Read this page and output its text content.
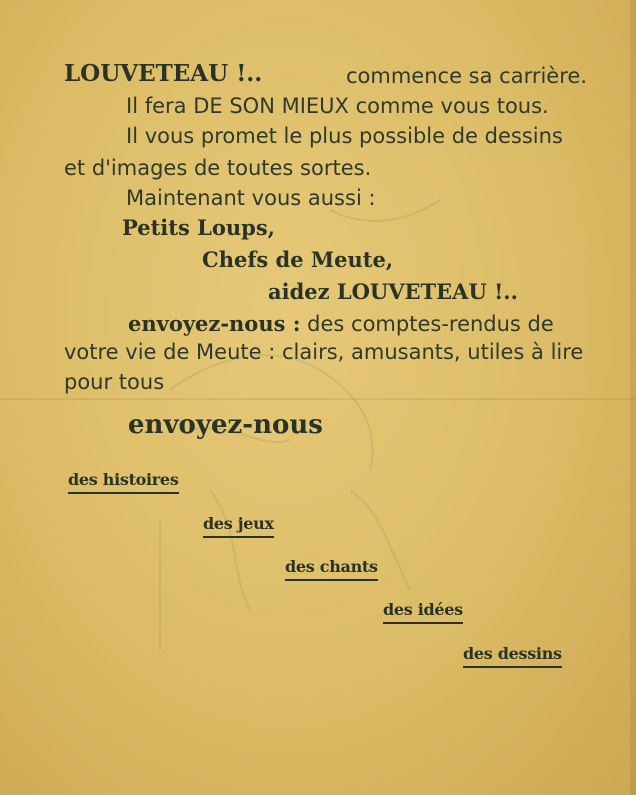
LOUVETEAU !..	commence sa carrière.
Il fera DE SON MIEUX comme vous tous.
Il vous promet le plus possible de dessins
et d'images de toutes sortes.
Maintenant vous aussi :
Petits Loups,
Chefs de Meute,
aidez LOUVETEAU !..
envoyez-nous : des comptes-rendus de
votre vie de Meute : clairs, amusants, utiles à lire
pour tous
envoyez-nous
des histoires
des jeux
des chants
des idées
des dessins
